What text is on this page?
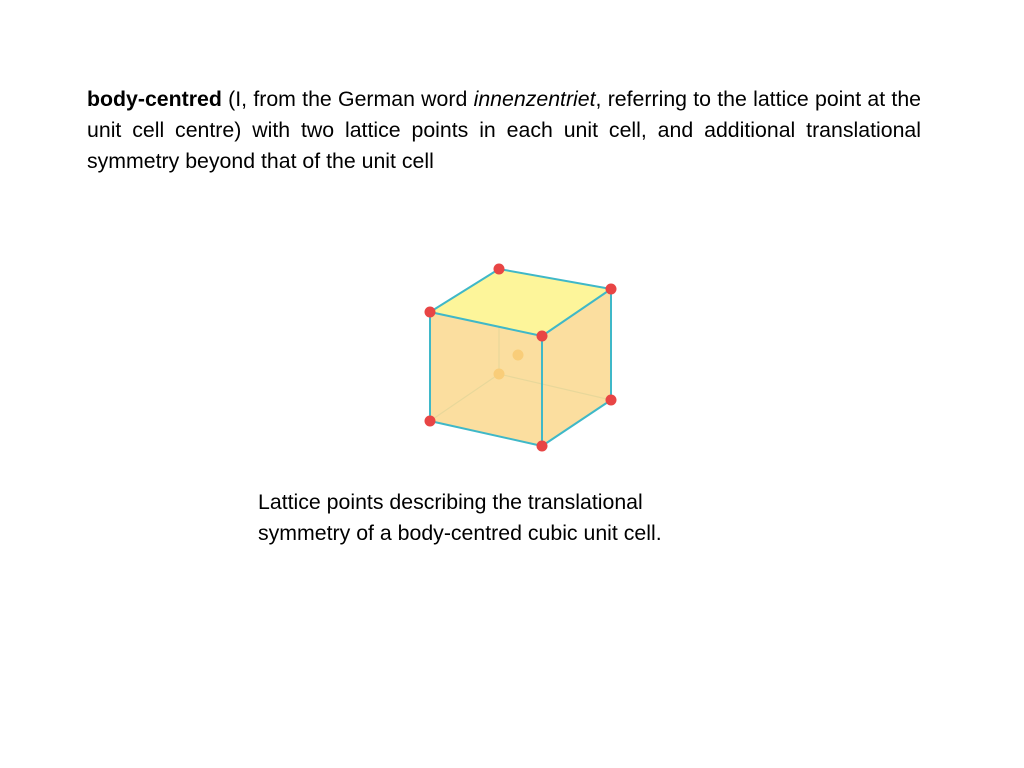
body-centred (I, from the German word innenzentriet, referring to the lattice point at the unit cell centre) with two lattice points in each unit cell, and additional translational symmetry beyond that of the unit cell

Lattice points describing the translational symmetry of a body-centred cubic unit cell.
